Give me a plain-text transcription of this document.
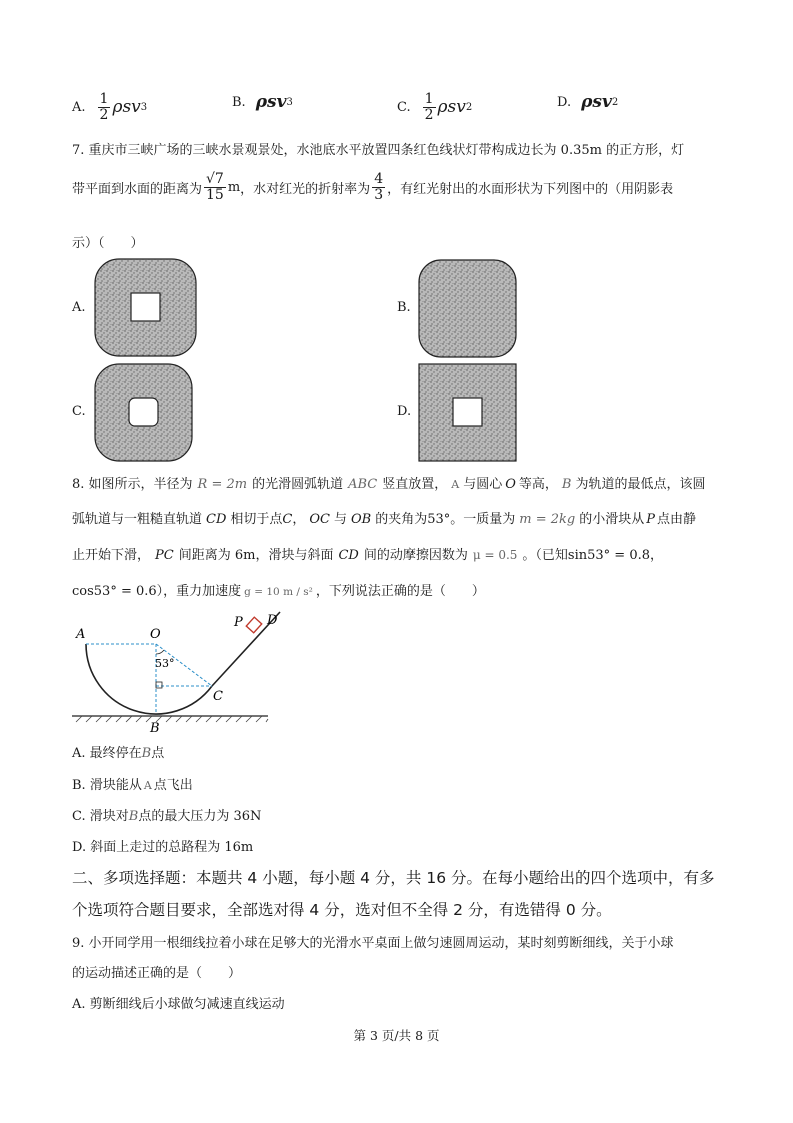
A. $\frac{1}{2}$ ρsv 3	B. ρsv 3	C. $\frac{1}{2}$ ρsv 2	D. ρsv 2
7. 重庆市三峡广场的三峡水景观景处，水池底水平放置四条红色线状灯带构成边长为 0.35m 的正方形，灯
带平面到水面的距离为 $\frac{√7}{15}$ m ，水对红光的折射率为 $\frac{4}{3}$ ，有红光射出的水面形状为下列图中的（用阴影表
示）（　　）
A.	B.
C.	D.
8. 如图所示，半径为 R = 2m 的光滑圆弧轨道 ABC 竖直放置， A 与圆心 O 等高， B 为轨道的最低点，该圆
弧轨道与一粗糙直轨道 CD 相切于点C， OC 与 OB 的夹角为53°。一质量为 m = 2kg 的小滑块从 P 点由静
止开始下滑， PC 间距离为 6m，滑块与斜面 CD 间的动摩擦因数为 μ = 0.5 。（已知sin53° = 0.8，
cos53° = 0.6），重力加速度 g = 10 m / s² ，下列说法正确的是（　　）
A	O
53°
C
B
P D
A. 最终停在B点
B. 滑块能从 A 点飞出
C. 滑块对B点的最大压力为 36N
D. 斜面上走过的总路程为 16m
二、多项选择题：本题共 4 小题，每小题 4 分，共 16 分。在每小题给出的四个选项中，有多
个选项符合题目要求，全部选对得 4 分，选对但不全得 2 分，有选错得 0 分。
9. 小开同学用一根细线拉着小球在足够大的光滑水平桌面上做匀速圆周运动，某时刻剪断细线，关于小球
的运动描述正确的是（　　）
A. 剪断细线后小球做匀减速直线运动
第 3 页/共 8 页
